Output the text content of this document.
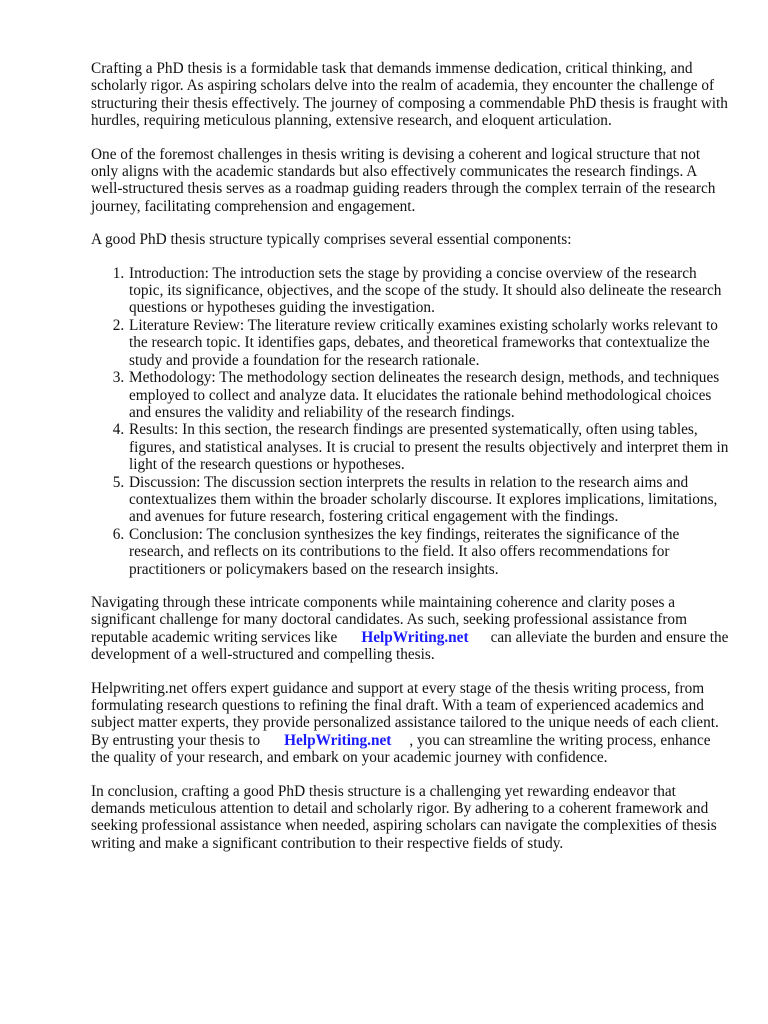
Crafting a PhD thesis is a formidable task that demands immense dedication, critical thinking, and scholarly rigor. As aspiring scholars delve into the realm of academia, they encounter the challenge of structuring their thesis effectively. The journey of composing a commendable PhD thesis is fraught with hurdles, requiring meticulous planning, extensive research, and eloquent articulation.

One of the foremost challenges in thesis writing is devising a coherent and logical structure that not only aligns with the academic standards but also effectively communicates the research findings. A well-structured thesis serves as a roadmap guiding readers through the complex terrain of the research journey, facilitating comprehension and engagement.

A good PhD thesis structure typically comprises several essential components:

1. Introduction: The introduction sets the stage by providing a concise overview of the research topic, its significance, objectives, and the scope of the study. It should also delineate the research questions or hypotheses guiding the investigation.
2. Literature Review: The literature review critically examines existing scholarly works relevant to the research topic. It identifies gaps, debates, and theoretical frameworks that contextualize the study and provide a foundation for the research rationale.
3. Methodology: The methodology section delineates the research design, methods, and techniques employed to collect and analyze data. It elucidates the rationale behind methodological choices and ensures the validity and reliability of the research findings.
4. Results: In this section, the research findings are presented systematically, often using tables, figures, and statistical analyses. It is crucial to present the results objectively and interpret them in light of the research questions or hypotheses.
5. Discussion: The discussion section interprets the results in relation to the research aims and contextualizes them within the broader scholarly discourse. It explores implications, limitations, and avenues for future research, fostering critical engagement with the findings.
6. Conclusion: The conclusion synthesizes the key findings, reiterates the significance of the research, and reflects on its contributions to the field. It also offers recommendations for practitioners or policymakers based on the research insights.

Navigating through these intricate components while maintaining coherence and clarity poses a significant challenge for many doctoral candidates. As such, seeking professional assistance from reputable academic writing services like HelpWriting.net can alleviate the burden and ensure the development of a well-structured and compelling thesis.

Helpwriting.net offers expert guidance and support at every stage of the thesis writing process, from formulating research questions to refining the final draft. With a team of experienced academics and subject matter experts, they provide personalized assistance tailored to the unique needs of each client. By entrusting your thesis to HelpWriting.net , you can streamline the writing process, enhance the quality of your research, and embark on your academic journey with confidence.

In conclusion, crafting a good PhD thesis structure is a challenging yet rewarding endeavor that demands meticulous attention to detail and scholarly rigor. By adhering to a coherent framework and seeking professional assistance when needed, aspiring scholars can navigate the complexities of thesis writing and make a significant contribution to their respective fields of study.
